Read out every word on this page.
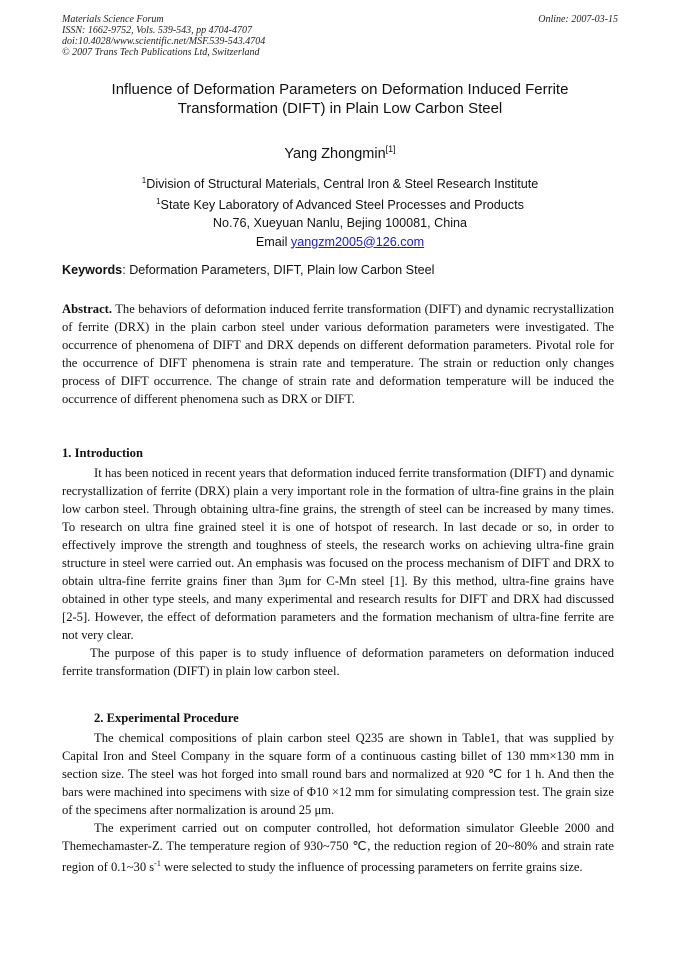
Materials Science Forum
ISSN: 1662-9752, Vols. 539-543, pp 4704-4707
doi:10.4028/www.scientific.net/MSF.539-543.4704
© 2007 Trans Tech Publications Ltd, Switzerland
Online: 2007-03-15
Influence of Deformation Parameters on Deformation Induced Ferrite
Transformation (DIFT) in Plain Low Carbon Steel
Yang Zhongmin[1]
$^1$Division of Structural Materials, Central Iron & Steel Research Institute
$^1$State Key Laboratory of Advanced Steel Processes and Products
No.76, Xueyuan Nanlu, Bejing 100081, China
Email yangzm2005@126.com
Keywords: Deformation Parameters, DIFT, Plain low Carbon Steel
Abstract. The behaviors of deformation induced ferrite transformation (DIFT) and dynamic recrystallization of ferrite (DRX) in the plain carbon steel under various deformation parameters were investigated. The occurrence of phenomena of DIFT and DRX depends on different deformation parameters. Pivotal role for the occurrence of DIFT phenomena is strain rate and temperature. The strain or reduction only changes process of DIFT occurrence. The change of strain rate and deformation temperature will be induced the occurrence of different phenomena such as DRX or DIFT.
1. Introduction

It has been noticed in recent years that deformation induced ferrite transformation (DIFT) and dynamic recrystallization of ferrite (DRX) plain a very important role in the formation of ultra-fine grains in the plain low carbon steel. Through obtaining ultra-fine grains, the strength of steel can be increased by many times. To research on ultra fine grained steel it is one of hotspot of research. In last decade or so, in order to effectively improve the strength and toughness of steels, the research works on achieving ultra-fine grain structure in steel were carried out. An emphasis was focused on the process mechanism of DIFT and DRX to obtain ultra-fine ferrite grains finer than 3μm for C-Mn steel [1]. By this method, ultra-fine grains have obtained in other type steels, and many experimental and research results for DIFT and DRX had discussed [2-5]. However, the effect of deformation parameters and the formation mechanism of ultra-fine ferrite are not very clear.

The purpose of this paper is to study influence of deformation parameters on deformation induced ferrite transformation (DIFT) in plain low carbon steel.

2. Experimental Procedure

The chemical compositions of plain carbon steel Q235 are shown in Table1, that was supplied by Capital Iron and Steel Company in the square form of a continuous casting billet of 130 mm×130 mm in section size. The steel was hot forged into small round bars and normalized at 920 ℃ for 1 h. And then the bars were machined into specimens with size of Φ10 ×12 mm for simulating compression test. The grain size of the specimens after normalization is around 25 μm.

The experiment carried out on computer controlled, hot deformation simulator Gleeble 2000 and Themechamaster-Z. The temperature region of 930~750 ℃, the reduction region of 20~80% and strain rate region of 0.1~30 $s^{-1}$ were selected to study the influence of processing parameters on ferrite grains size.
